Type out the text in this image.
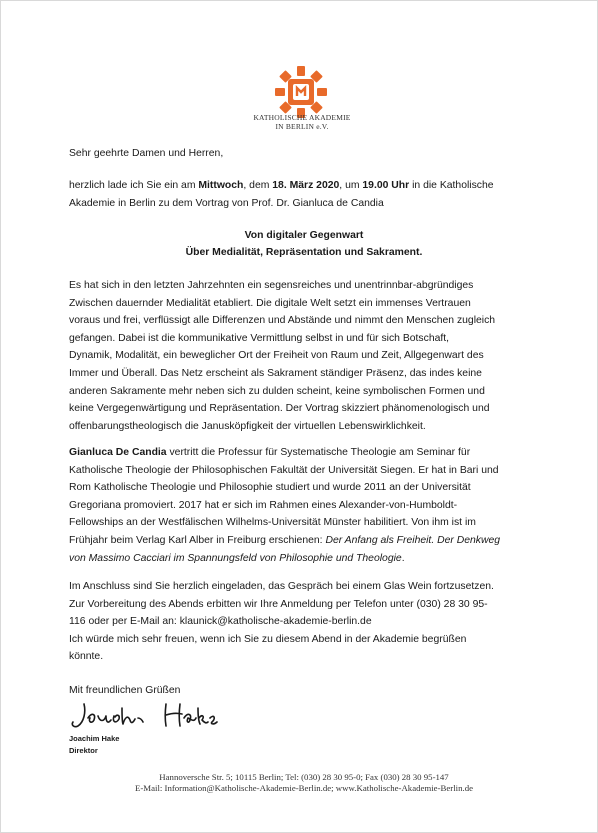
KATHOLISCHE AKADEMIE
IN BERLIN e.V.
Sehr geehrte Damen und Herren,
herzlich lade ich Sie ein am Mittwoch, dem 18. März 2020, um 19.00 Uhr in die Katholische
Akademie in Berlin zu dem Vortrag von Prof. Dr. Gianluca de Candia
Von digitaler Gegenwart
Über Medialität, Repräsentation und Sakrament.
Es hat sich in den letzten Jahrzehnten ein segensreiches und unentrinnbar-abgründiges
Zwischen dauernder Medialität etabliert. Die digitale Welt setzt ein immenses Vertrauen
voraus und frei, verflüssigt alle Differenzen und Abstände und nimmt den Menschen zugleich
gefangen. Dabei ist die kommunikative Vermittlung selbst in und für sich Botschaft,
Dynamik, Modalität, ein beweglicher Ort der Freiheit von Raum und Zeit, Allgegenwart des
Immer und Überall. Das Netz erscheint als Sakrament ständiger Präsenz, das indes keine
anderen Sakramente mehr neben sich zu dulden scheint, keine symbolischen Formen und
keine Vergegenwärtigung und Repräsentation. Der Vortrag skizziert phänomenologisch und
offenbarungstheologisch die Janusköpfigkeit der virtuellen Lebenswirklichkeit.
Gianluca De Candia vertritt die Professur für Systematische Theologie am Seminar für
Katholische Theologie der Philosophischen Fakultät der Universität Siegen. Er hat in Bari und
Rom Katholische Theologie und Philosophie studiert und wurde 2011 an der Universität
Gregoriana promoviert. 2017 hat er sich im Rahmen eines Alexander-von-Humboldt-
Fellowships an der Westfälischen Wilhelms-Universität Münster habilitiert. Von ihm ist im
Frühjahr beim Verlag Karl Alber in Freiburg erschienen: Der Anfang als Freiheit. Der Denkweg
von Massimo Cacciari im Spannungsfeld von Philosophie und Theologie.
Im Anschluss sind Sie herzlich eingeladen, das Gespräch bei einem Glas Wein fortzusetzen.
Zur Vorbereitung des Abends erbitten wir Ihre Anmeldung per Telefon unter (030) 28 30 95-
116 oder per E-Mail an: klaunick@katholische-akademie-berlin.de
Ich würde mich sehr freuen, wenn ich Sie zu diesem Abend in der Akademie begrüßen
könnte.
Mit freundlichen Grüßen
Joachim Hake
Direktor
Hannoversche Str. 5; 10115 Berlin; Tel: (030) 28 30 95-0; Fax (030) 28 30 95-147
E-Mail: Information@Katholische-Akademie-Berlin.de; www.Katholische-Akademie-Berlin.de
